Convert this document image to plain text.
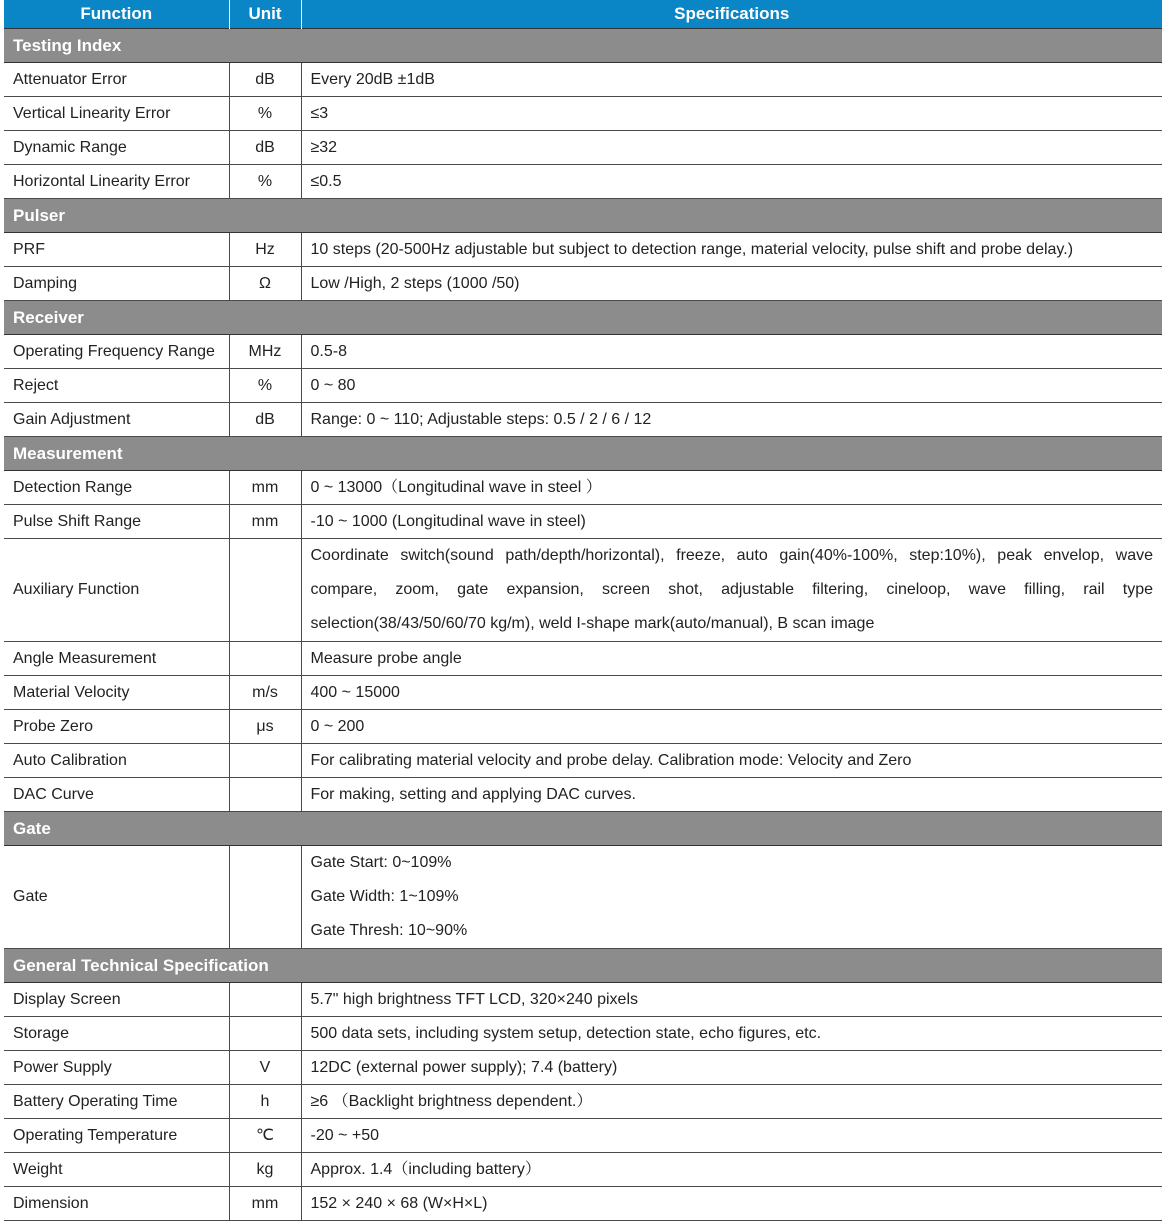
Function	Unit	Specifications
Testing Index		
Attenuator Error	dB	Every 20dB ±1dB
Vertical Linearity Error	%	≤3
Dynamic Range	dB	≥32
Horizontal Linearity Error	%	≤0.5
Pulser		
PRF	Hz	10 steps (20-500Hz adjustable but subject to detection range, material velocity, pulse shift and probe delay.)
Damping	Ω	Low /High, 2 steps (1000 /50)
Receiver		
Operating Frequency Range	MHz	0.5-8
Reject	%	0 ~ 80
Gain Adjustment	dB	Range: 0 ~ 110; Adjustable steps: 0.5 / 2 / 6 / 12
Measurement		
Detection Range	mm	0 ~ 13000（Longitudinal wave in steel ）
Pulse Shift Range	mm	-10 ~ 1000 (Longitudinal wave in steel)
Auxiliary Function		Coordinate switch(sound path/depth/horizontal), freeze, auto gain(40%-100%, step:10%), peak envelop, wave compare, zoom, gate expansion, screen shot, adjustable filtering, cineloop, wave filling, rail type selection(38/43/50/60/70 kg/m), weld I-shape mark(auto/manual), B scan image
Angle Measurement		Measure probe angle
Material Velocity	m/s	400 ~ 15000
Probe Zero	μs	0 ~ 200
Auto Calibration		For calibrating material velocity and probe delay. Calibration mode: Velocity and Zero
DAC Curve		For making, setting and applying DAC curves.
Gate		
Gate		Gate Start: 0~109%
Gate Width: 1~109%
Gate Thresh: 10~90%

General Technical Specification		
Display Screen		5.7" high brightness TFT LCD, 320×240 pixels
Storage		500 data sets, including system setup, detection state, echo figures, etc.
Power Supply	V	12DC (external power supply); 7.4 (battery)
Battery Operating Time	h	≥6 （Backlight brightness dependent.）
Operating Temperature	℃	-20 ~ +50
Weight	kg	Approx. 1.4（including battery）
Dimension	mm	152 × 240 × 68 (W×H×L)
